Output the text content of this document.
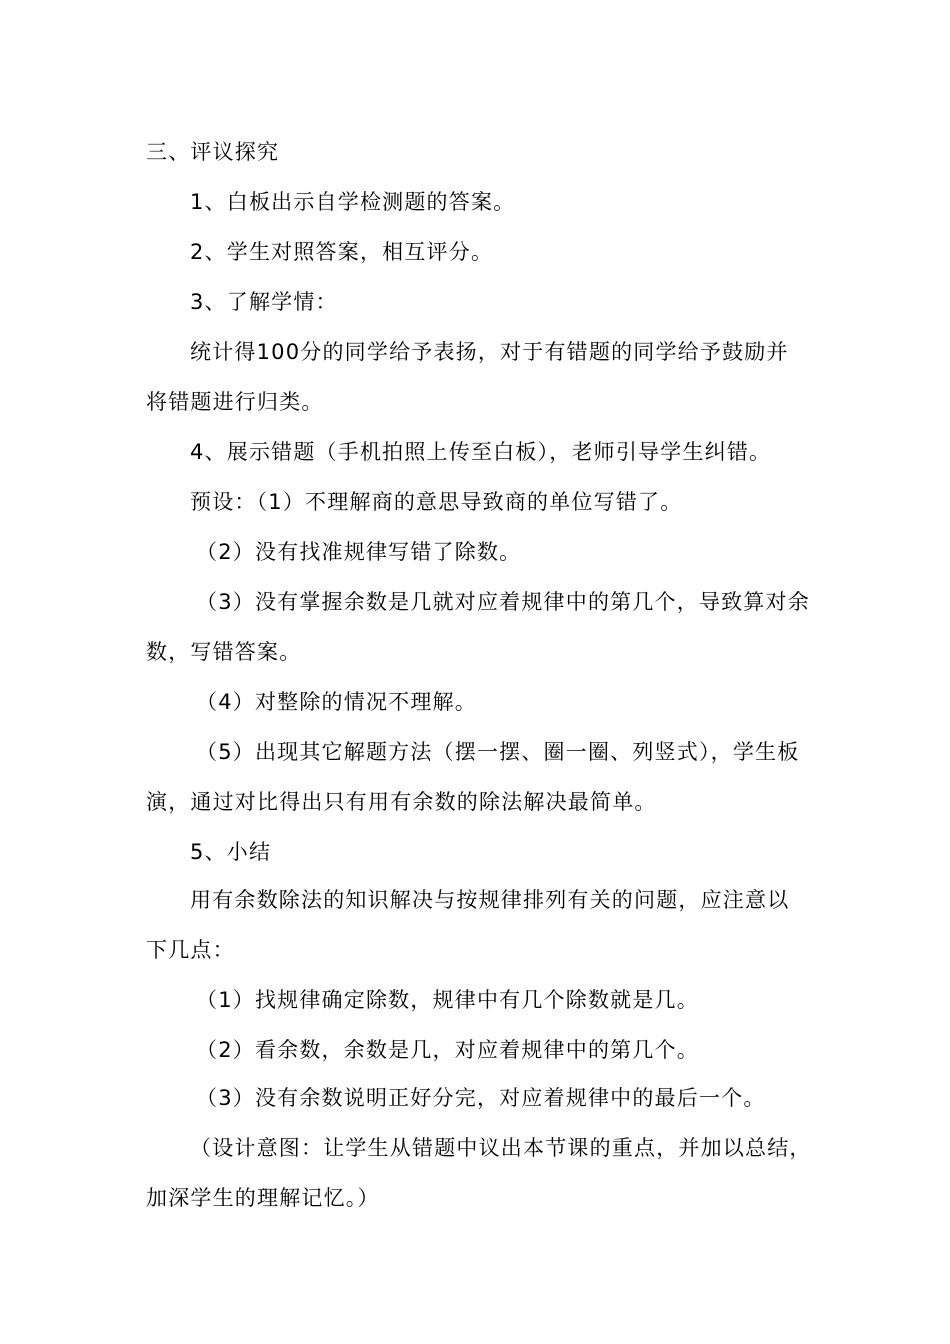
三、评议探究
1、白板出示自学检测题的答案。
2、学生对照答案，相互评分。
3、了解学情：
统计得100分的同学给予表扬，对于有错题的同学给予鼓励并
将错题进行归类。
4、展示错题（手机拍照上传至白板），老师引导学生纠错。
预设：（1）不理解商的意思导致商的单位写错了。
（2）没有找准规律写错了除数。
（3）没有掌握余数是几就对应着规律中的第几个，导致算对余
数，写错答案。
（4）对整除的情况不理解。
（5）出现其它解题方法（摆一摆、圈一圈、列竖式），学生板
演，通过对比得出只有用有余数的除法解决最简单。
5、小结
用有余数除法的知识解决与按规律排列有关的问题，应注意以
下几点：
（1）找规律确定除数，规律中有几个除数就是几。
（2）看余数，余数是几，对应着规律中的第几个。
（3）没有余数说明正好分完，对应着规律中的最后一个。
（设计意图：让学生从错题中议出本节课的重点，并加以总结，
加深学生的理解记忆。）
